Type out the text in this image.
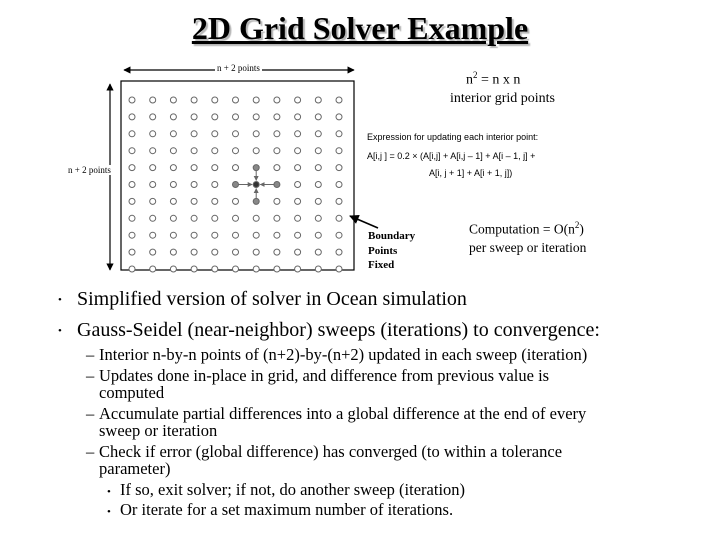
2D Grid Solver Example
n + 2 points
n + 2 points
$n^2 = n$ x n
interior grid points
Expression for updating each interior point:
A[i,j ] = 0.2 × (A[i,j] + A[i,j – 1] + A[i – 1, j] +
A[i, j + 1] + A[i + 1, j])
Boundary
Points
Fixed
Computation = $O(n^2)$
per sweep or iteration
• Simplified version of solver in Ocean simulation
• Gauss-Seidel (near-neighbor) sweeps (iterations) to convergence:
– Interior n-by-n points of (n+2)-by-(n+2) updated in each sweep (iteration)
– Updates done in-place in grid, and difference from previous value is
computed
– Accumulate partial differences into a global difference at the end of every
sweep or iteration
– Check if error (global difference) has converged (to within a tolerance
parameter)
• If so, exit solver; if not, do another sweep (iteration)
• Or iterate for a set maximum number of iterations.
